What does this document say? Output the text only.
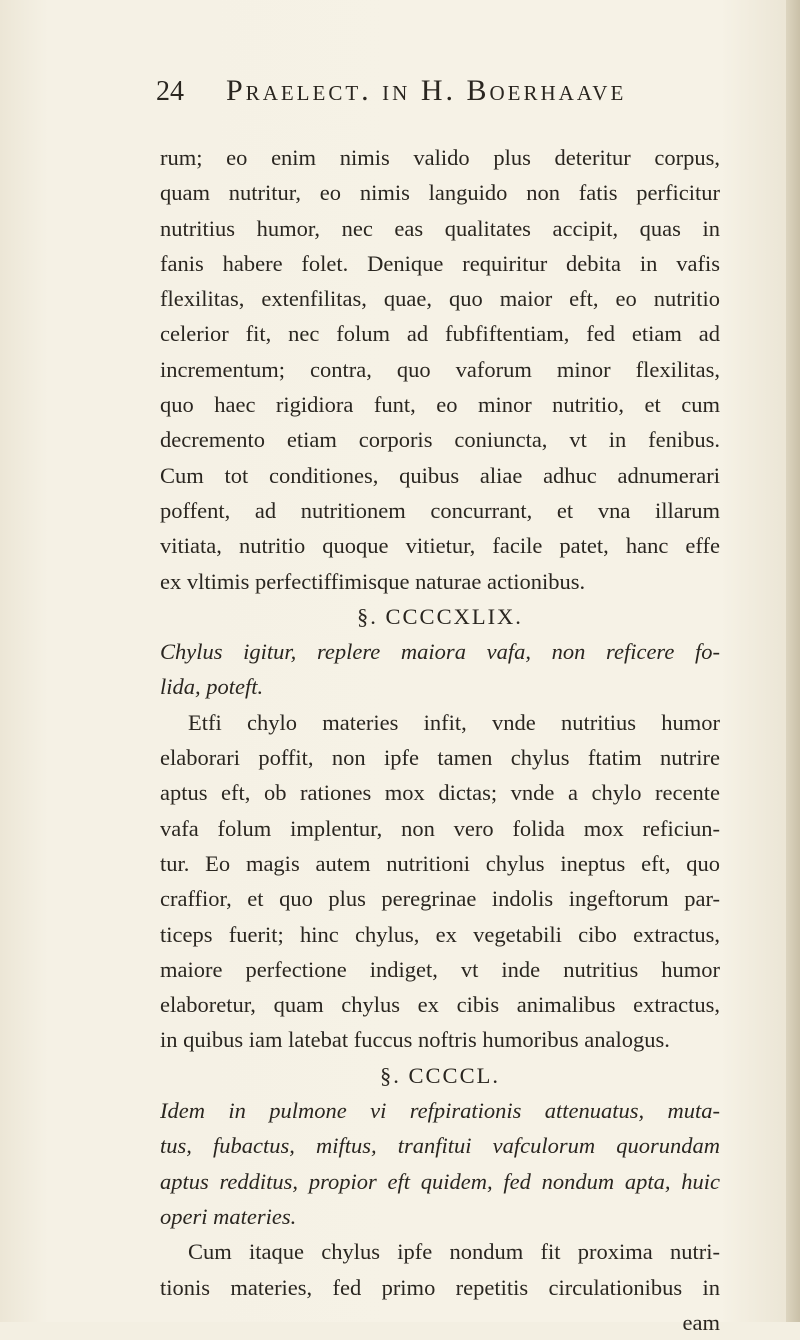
24 Praelect. in H. Boerhaave
rum; eo enim nimis valido plus deteritur corpus,
quam nutritur, eo nimis languido non fatis perficitur
nutritius humor, nec eas qualitates accipit, quas in
fanis habere folet. Denique requiritur debita in vafis
flexilitas, extenfilitas, quae, quo maior eft, eo nutritio
celerior fit, nec folum ad fubfiftentiam, fed etiam ad
incrementum; contra, quo vaforum minor flexilitas,
quo haec rigidiora funt, eo minor nutritio, et cum
decremento etiam corporis coniuncta, vt in fenibus.
Cum tot conditiones, quibus aliae adhuc adnumerari
poffent, ad nutritionem concurrant, et vna illarum
vitiata, nutritio quoque vitietur, facile patet, hanc effe
ex vltimis perfectiffimisque naturae actionibus.
§. CCCCXLIX.
Chylus igitur, replere maiora vafa, non reficere fo-
lida, poteft.
Etfi chylo materies infit, vnde nutritius humor
elaborari poffit, non ipfe tamen chylus ftatim nutrire
aptus eft, ob rationes mox dictas; vnde a chylo recente
vafa folum implentur, non vero folida mox reficiun-
tur. Eo magis autem nutritioni chylus ineptus eft, quo
craffior, et quo plus peregrinae indolis ingeftorum par-
ticeps fuerit; hinc chylus, ex vegetabili cibo extractus,
maiore perfectione indiget, vt inde nutritius humor
elaboretur, quam chylus ex cibis animalibus extractus,
in quibus iam latebat fuccus noftris humoribus analogus.
§. CCCCL.
Idem in pulmone vi refpirationis attenuatus, muta-
tus, fubactus, miftus, tranfitui vafculorum quorundam
aptus redditus, propior eft quidem, fed nondum apta, huic
operi materies.
Cum itaque chylus ipfe nondum fit proxima nutri-
tionis materies, fed primo repetitis circulationibus in
eam
